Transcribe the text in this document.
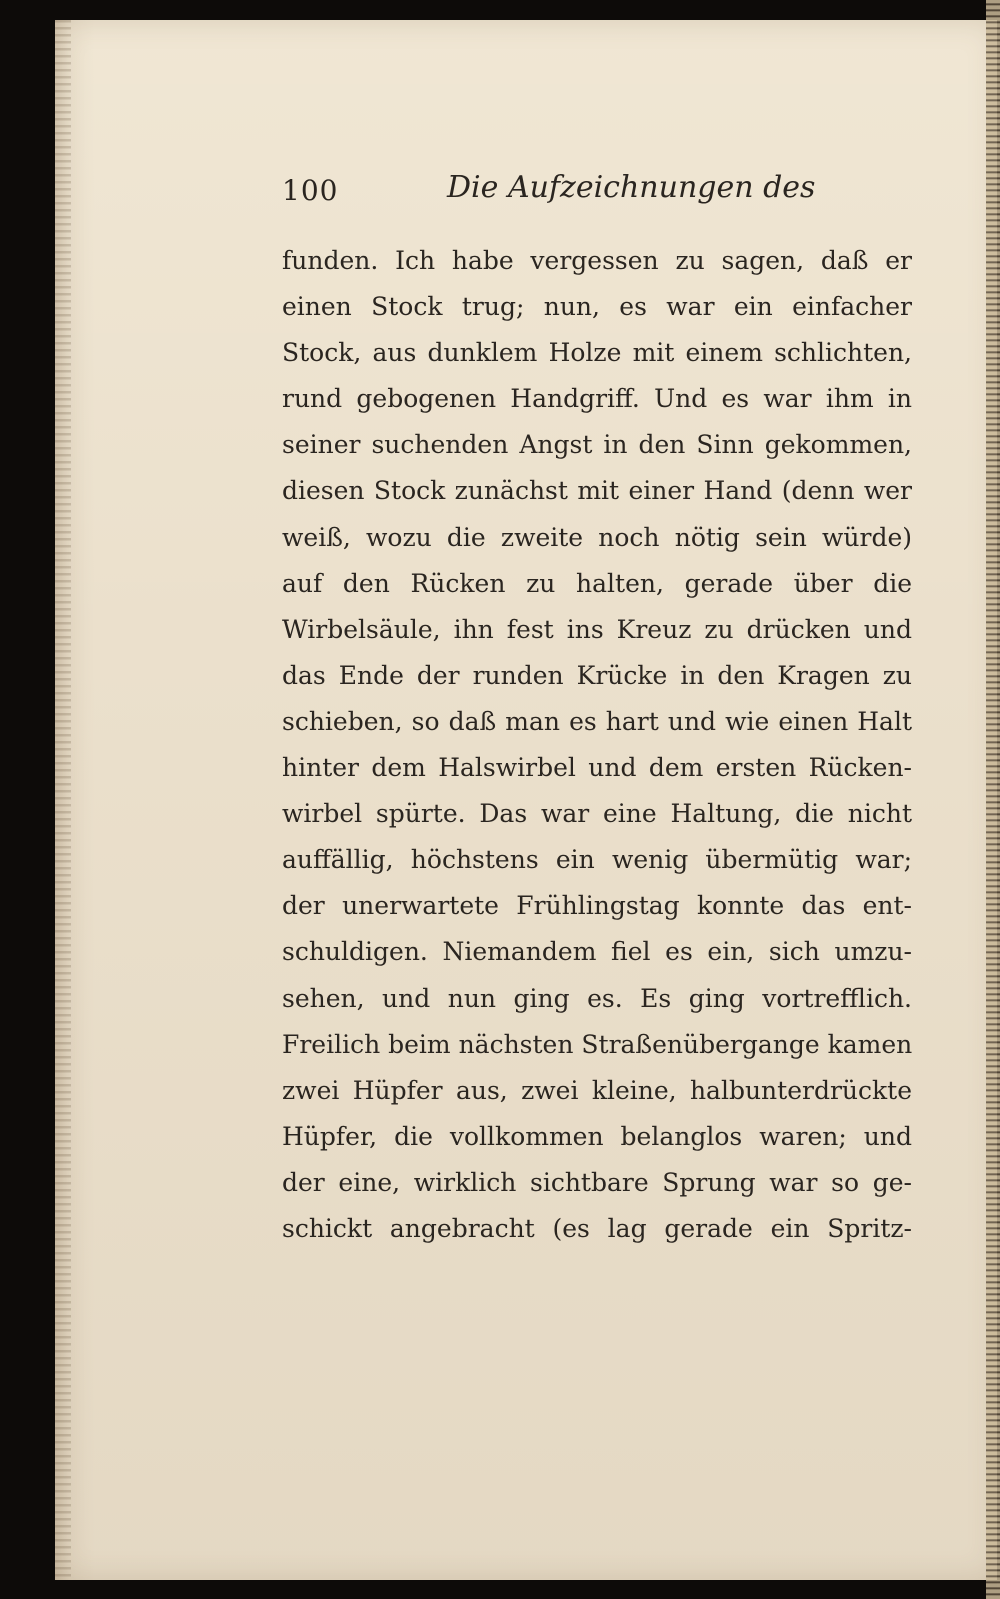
100	Die Aufzeichnungen des
funden. Ich habe vergessen zu sagen, daß er
einen Stock trug; nun, es war ein einfacher
Stock, aus dunklem Holze mit einem schlichten,
rund gebogenen Handgriff. Und es war ihm in
seiner suchenden Angst in den Sinn gekommen,
diesen Stock zunächst mit einer Hand (denn wer
weiß, wozu die zweite noch nötig sein würde)
auf den Rücken zu halten, gerade über die
Wirbelsäule, ihn fest ins Kreuz zu drücken und
das Ende der runden Krücke in den Kragen zu
schieben, so daß man es hart und wie einen Halt
hinter dem Halswirbel und dem ersten Rücken-
wirbel spürte. Das war eine Haltung, die nicht
auffällig, höchstens ein wenig übermütig war;
der unerwartete Frühlingstag konnte das ent-
schuldigen. Niemandem fiel es ein, sich umzu-
sehen, und nun ging es. Es ging vortrefflich.
Freilich beim nächsten Straßenübergange kamen
zwei Hüpfer aus, zwei kleine, halbunterdrückte
Hüpfer, die vollkommen belanglos waren; und
der eine, wirklich sichtbare Sprung war so ge-
schickt angebracht (es lag gerade ein Spritz-
